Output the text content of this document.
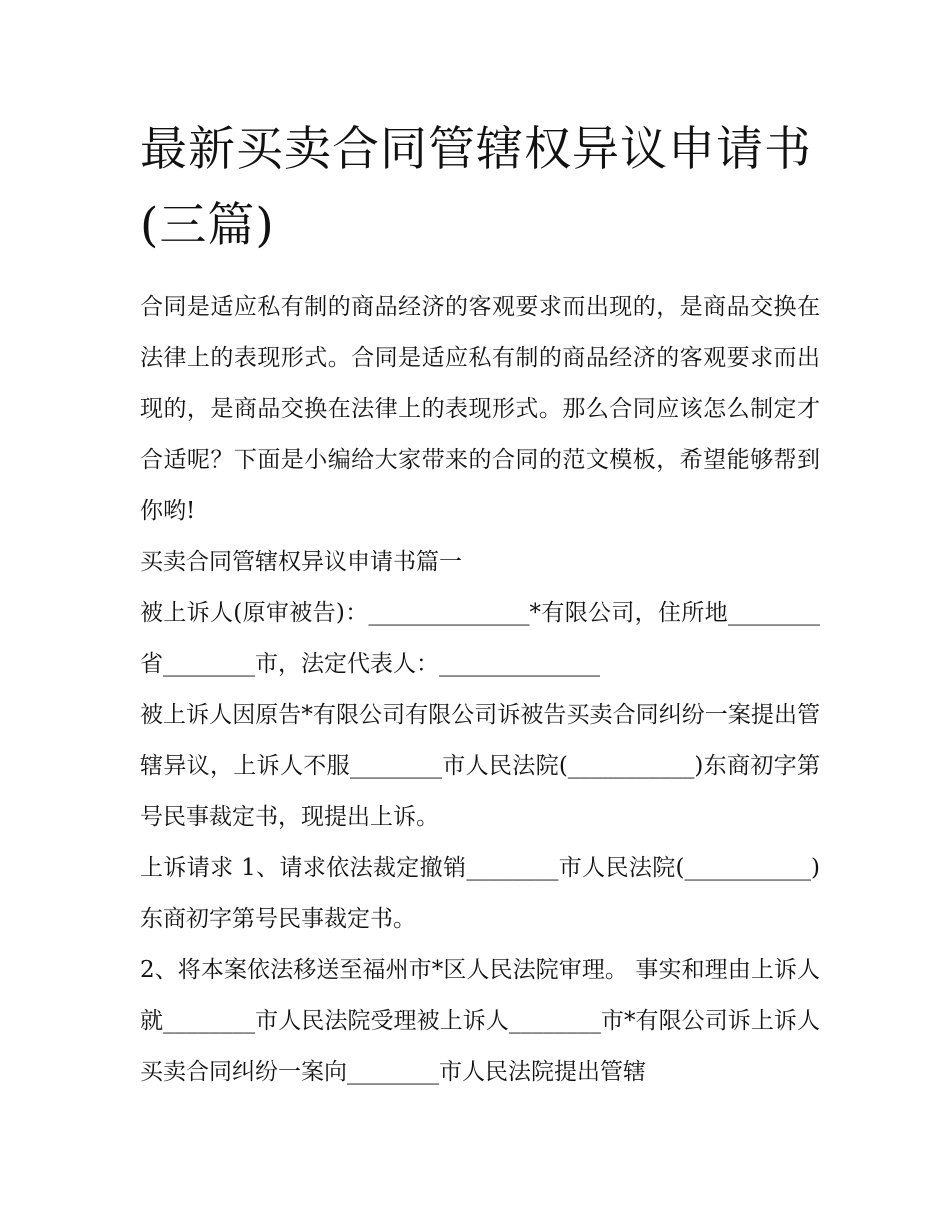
最新买卖合同管辖权异议申请书(三篇)

合同是适应私有制的商品经济的客观要求而出现的，是商品交换在法律上的表现形式。合同是适应私有制的商品经济的客观要求而出现的，是商品交换在法律上的表现形式。那么合同应该怎么制定才合适呢？下面是小编给大家带来的合同的范文模板，希望能够帮到你哟!

买卖合同管辖权异议申请书篇一

被上诉人(原审被告)：______________*有限公司，住所地________省________市，法定代表人：______________

被上诉人因原告*有限公司有限公司诉被告买卖合同纠纷一案提出管辖异议，上诉人不服________市人民法院(___________)东商初字第号民事裁定书，现提出上诉。

上诉请求 1、请求依法裁定撤销________市人民法院(___________)东商初字第号民事裁定书。

2、将本案依法移送至福州市*区人民法院审理。 事实和理由上诉人就________市人民法院受理被上诉人________市*有限公司诉上诉人买卖合同纠纷一案向________市人民法院提出管辖
